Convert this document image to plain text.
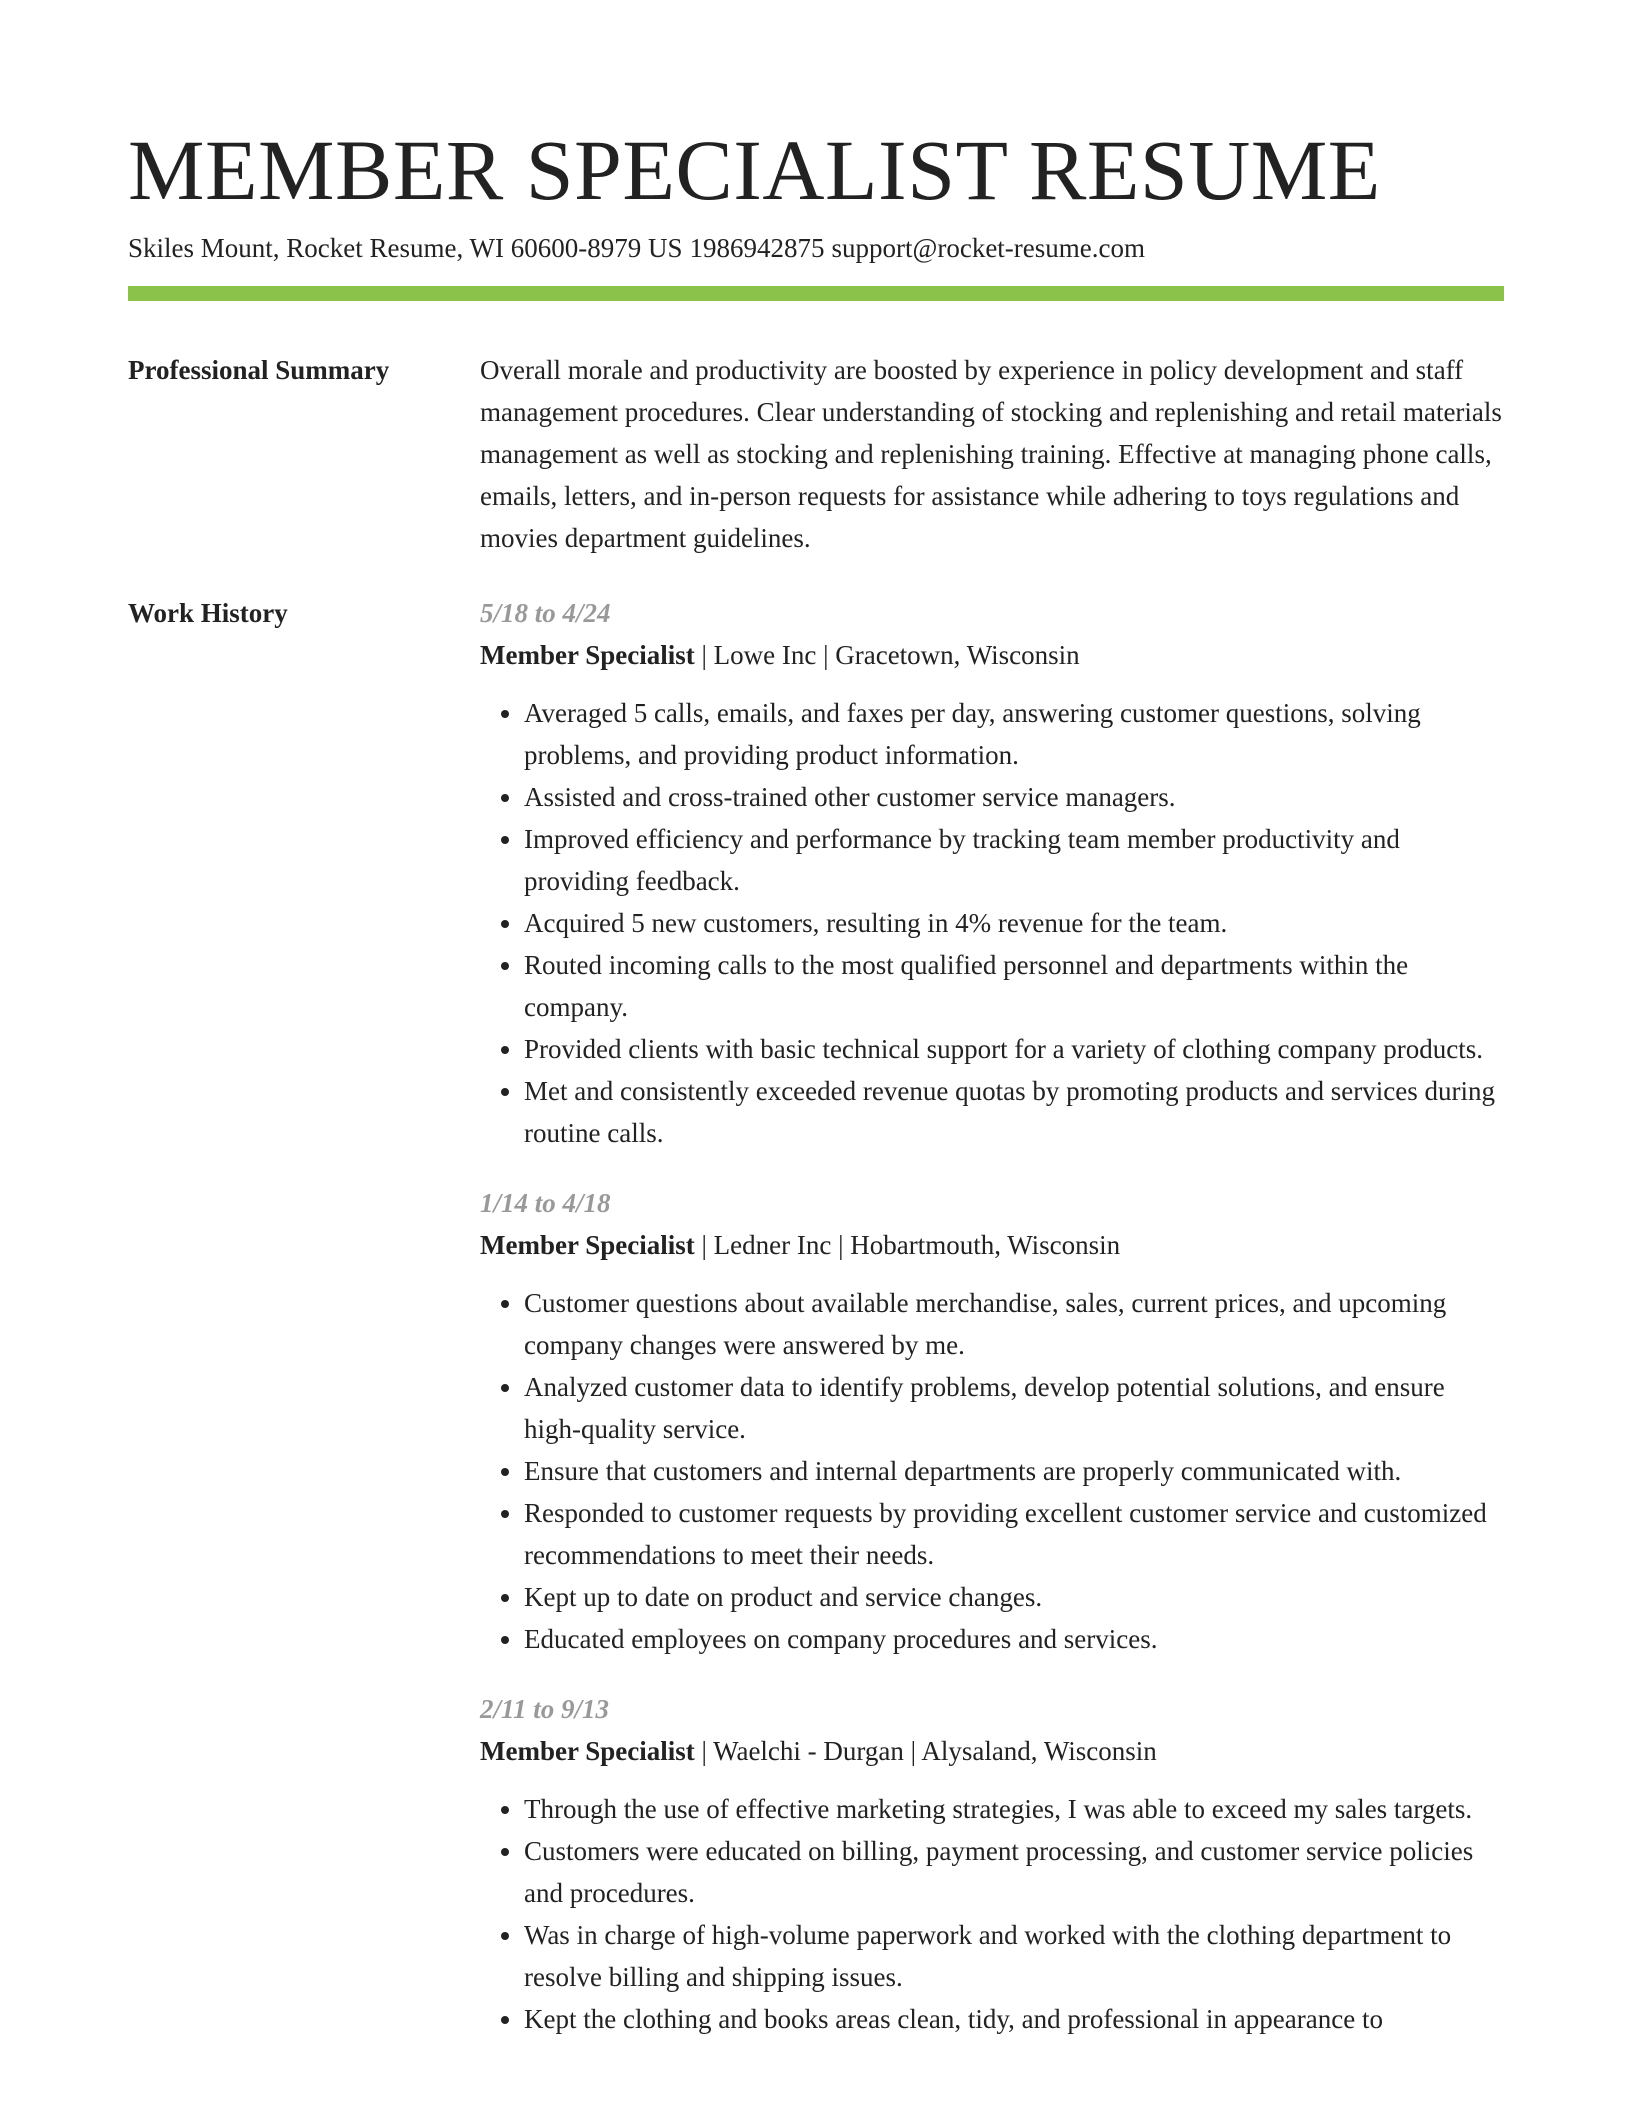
MEMBER SPECIALIST RESUME
Skiles Mount, Rocket Resume, WI 60600-8979 US 1986942875 support@rocket-resume.com
Professional Summary	Overall morale and productivity are boosted by experience in policy development and staff management procedures. Clear understanding of stocking and replenishing and retail materials management as well as stocking and replenishing training. Effective at managing phone calls, emails, letters, and in-person requests for assistance while adhering to toys regulations and movies department guidelines.

Work History	5/18 to 4/24
Member Specialist | Lowe Inc | Gracetown, Wisconsin
• Averaged 5 calls, emails, and faxes per day, answering customer questions, solving problems, and providing product information.
• Assisted and cross-trained other customer service managers.
• Improved efficiency and performance by tracking team member productivity and providing feedback.
• Acquired 5 new customers, resulting in 4% revenue for the team.
• Routed incoming calls to the most qualified personnel and departments within the company.
• Provided clients with basic technical support for a variety of clothing company products.
• Met and consistently exceeded revenue quotas by promoting products and services during routine calls.
1/14 to 4/18
Member Specialist | Ledner Inc | Hobartmouth, Wisconsin
• Customer questions about available merchandise, sales, current prices, and upcoming company changes were answered by me.
• Analyzed customer data to identify problems, develop potential solutions, and ensure high-quality service.
• Ensure that customers and internal departments are properly communicated with.
• Responded to customer requests by providing excellent customer service and customized recommendations to meet their needs.
• Kept up to date on product and service changes.
• Educated employees on company procedures and services.
2/11 to 9/13
Member Specialist | Waelchi - Durgan | Alysaland, Wisconsin
• Through the use of effective marketing strategies, I was able to exceed my sales targets.
• Customers were educated on billing, payment processing, and customer service policies and procedures.
• Was in charge of high-volume paperwork and worked with the clothing department to resolve billing and shipping issues.
• Kept the clothing and books areas clean, tidy, and professional in appearance to
